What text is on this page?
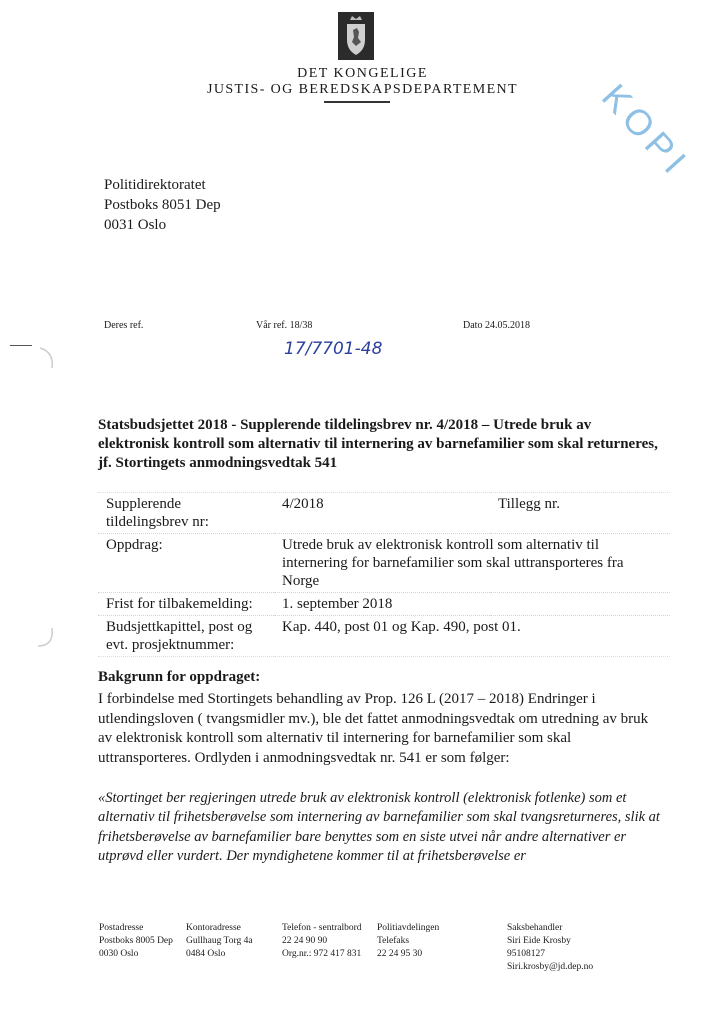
DET KONGELIGE
JUSTIS- OG BEREDSKAPSDEPARTEMENT	KOPI
Politidirektoratet
Postboks 8051 Dep
0031 Oslo
Deres ref.	Vår ref. 18/38	Dato 24.05.2018
17/7701-48
Statsbudsjettet 2018 - Supplerende tildelingsbrev nr. 4/2018 – Utrede bruk av elektronisk kontroll som alternativ til internering av barnefamilier som skal returneres, jf. Stortingets anmodningsvedtak 541
Supplerende tildelingsbrev nr:	4/2018	Tillegg nr.
Oppdrag:	Utrede bruk av elektronisk kontroll som alternativ til internering for barnefamilier som skal uttransporteres fra Norge	
Frist for tilbakemelding:	1. september 2018	
Budsjettkapittel, post og evt. prosjektnummer:	Kap. 440, post 01 og Kap. 490, post 01.	
Bakgrunn for oppdraget:
I forbindelse med Stortingets behandling av Prop. 126 L (2017 – 2018) Endringer i utlendingsloven ( tvangsmidler mv.), ble det fattet anmodningsvedtak om utredning av bruk av elektronisk kontroll som alternativ til internering for barnefamilier som skal uttransporteres. Ordlyden i anmodningsvedtak nr. 541 er som følger:
«Stortinget ber regjeringen utrede bruk av elektronisk kontroll (elektronisk fotlenke) som et alternativ til frihetsberøvelse som internering av barnefamilier som skal tvangsreturneres, slik at frihetsberøvelse av barnefamilier bare benyttes som en siste utvei når andre alternativer er utprøvd eller vurdert. Der myndighetene kommer til at frihetsberøvelse er
Postadresse
Postboks 8005 Dep
0030 Oslo
Kontoradresse
Gullhaug Torg 4a
0484 Oslo
Telefon - sentralbord
22 24 90 90
Org.nr.: 972 417 831
Politiavdelingen
Telefaks
22 24 95 30
Saksbehandler
Siri Eide Krosby
95108127
Siri.krosby@jd.dep.no
